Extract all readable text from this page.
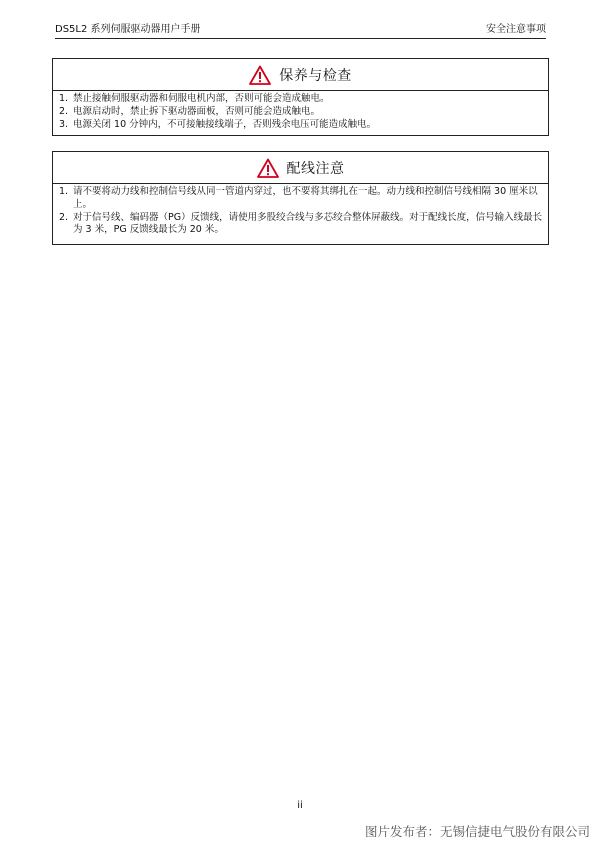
DS5L2 系列伺服驱动器用户手册	安全注意事项
保养与检查
1. 禁止接触伺服驱动器和伺服电机内部，否则可能会造成触电。
2. 电源启动时，禁止拆下驱动器面板，否则可能会造成触电。
3. 电源关闭 10 分钟内，不可接触接线端子，否则残余电压可能造成触电。
配线注意
1. 请不要将动力线和控制信号线从同一管道内穿过，也不要将其绑扎在一起。动力线和控制信号线相隔 30 厘米以上。
2. 对于信号线、编码器（PG）反馈线，请使用多股绞合线与多芯绞合整体屏蔽线。对于配线长度，信号输入线最长为 3 米，PG 反馈线最长为 20 米。
ii
图片发布者：无锡信捷电气股份有限公司
